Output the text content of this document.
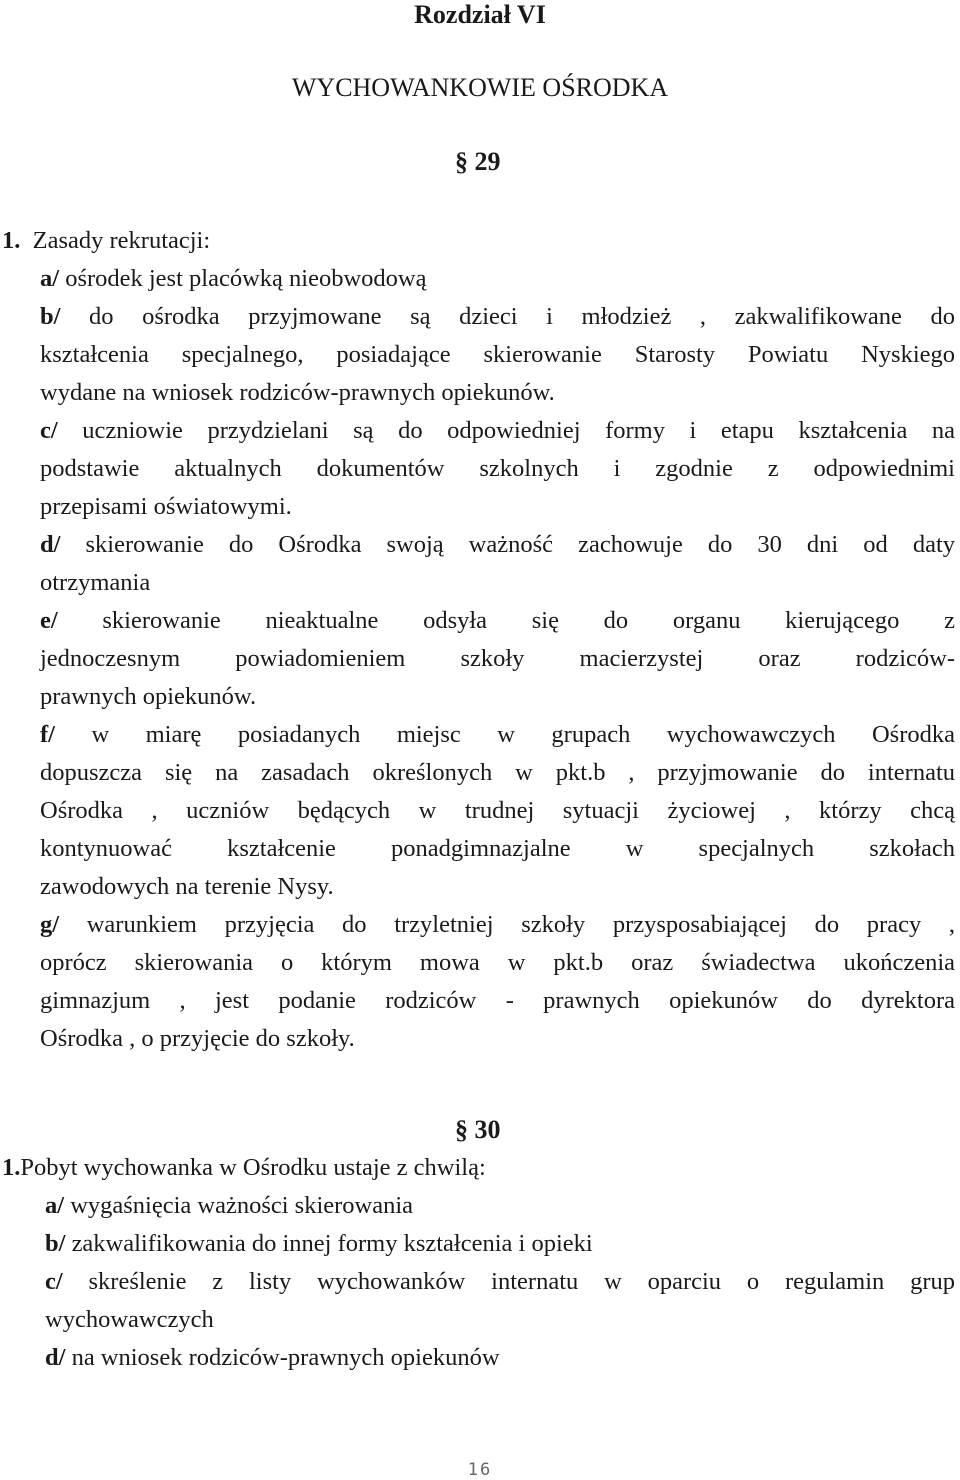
Rozdział VI
WYCHOWANKOWIE OŚRODKA
§ 29
1. Zasady rekrutacji:
a/ ośrodek jest placówką nieobwodową
b/ do ośrodka przyjmowane są dzieci i młodzież , zakwalifikowane do
kształcenia specjalnego, posiadające skierowanie Starosty Powiatu Nyskiego
wydane na wniosek rodziców-prawnych opiekunów.
c/ uczniowie przydzielani są do odpowiedniej formy i etapu kształcenia na
podstawie aktualnych dokumentów szkolnych i zgodnie z odpowiednimi
przepisami oświatowymi.
d/ skierowanie do Ośrodka swoją ważność zachowuje do 30 dni od daty
otrzymania
e/ skierowanie nieaktualne odsyła się do organu kierującego z
jednoczesnym powiadomieniem szkoły macierzystej oraz rodziców-
prawnych opiekunów.
f/ w miarę posiadanych miejsc w grupach wychowawczych Ośrodka
dopuszcza się na zasadach określonych w pkt.b , przyjmowanie do internatu
Ośrodka , uczniów będących w trudnej sytuacji życiowej , którzy chcą
kontynuować kształcenie ponadgimnazjalne w specjalnych szkołach
zawodowych na terenie Nysy.
g/ warunkiem przyjęcia do trzyletniej szkoły przysposabiającej do pracy ,
oprócz skierowania o którym mowa w pkt.b oraz świadectwa ukończenia
gimnazjum , jest podanie rodziców - prawnych opiekunów do dyrektora
Ośrodka , o przyjęcie do szkoły.
§ 30
1.Pobyt wychowanka w Ośrodku ustaje z chwilą:
a/ wygaśnięcia ważności skierowania
b/ zakwalifikowania do innej formy kształcenia i opieki
c/ skreślenie z listy wychowanków internatu w oparciu o regulamin grup
wychowawczych
d/ na wniosek rodziców-prawnych opiekunów
16
